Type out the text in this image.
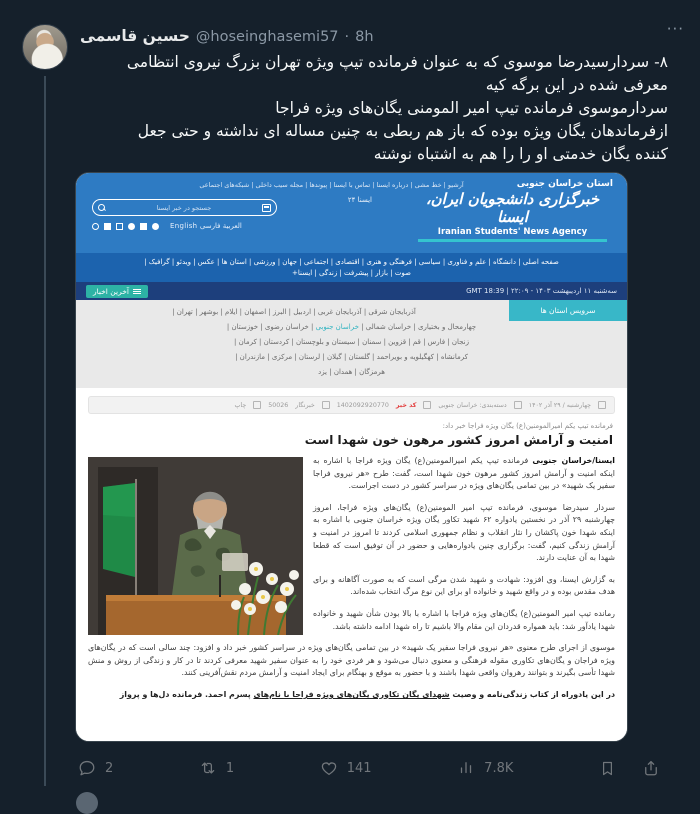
حسین قاسمی @hoseinghasemi57 · 8h	···
۸- سردارسیدرضا موسوی که به عنوان فرمانده تیپ ویژه تهران بزرگ نیروی انتظامی
معرفی شده در این برگه کیه
سردارموسوی فرمانده تیپ امیر المومنی یگان‌های ویژه فراجا
ازفرماندهان یگان ویژه بوده که باز هم ربطی به چنین مساله ای نداشته و حتی جعل
کننده یگان خدمتی او را را هم به اشتباه نوشته
استان خراسان جنوبی
آرشیو | خط مشی | درباره ایسنا | تماس با ایسنا | پیوندها | مجله سیب داخلی | شبکه‌های اجتماعی
ایسنا ۲۴	خبرگزاری دانشجویان ایران، ایسنا
Iranian Students' News Agency
جستجو در خبر ایسنا
English العربية فارسی
صفحه اصلی | دانشگاه | علم و فناوری | سیاسی | فرهنگی و هنری | اقتصادی | اجتماعی | جهان | ورزشی | استان ها | عکس | ویدئو | گرافیک |
صوت | بازار | پیشرفت | زندگی | ایسنا+
سه‌شنبه ۱۱ اردیبهشت ۱۴۰۳ - ۲۲:۰۹ | GMT 18:39
آخرین اخبار
سرویس استان ها
آذربایجان شرقی | آذربایجان غربی | اردبیل | البرز | اصفهان | ایلام | بوشهر | تهران |
چهارمحال و بختیاری | خراسان شمالی | خراسان جنوبی | خراسان رضوی | خوزستان |
زنجان | فارس | قم | قزوین | سمنان | سیستان و بلوچستان | کردستان | کرمان |
کرمانشاه | کهگیلویه و بویراحمد | گلستان | گیلان | لرستان | مرکزی | مازندران |
هرمزگان | همدان | یزد
چهارشنبه / ۲۹ آذر ۱۴۰۲
دسته‌بندی: خراسان جنوبی
کد خبر
1402092920770
خبرنگار
50026
چاپ
فرمانده تیپ یکم امیرالمومنین(ع) یگان ویژه فراجا خبر داد:
امنیت و آرامش امروز کشور مرهون خون شهدا است

ایسنا/خراسان جنوبی فرمانده تیپ یکم امیرالمومنین(ع) یگان ویژه فراجا با اشاره به اینکه امنیت و آرامش امروز کشور مرهون خون شهدا است، گفت: طرح «هر نیروی فراجا سفیر یک شهید» در بین تمامی یگان‌های ویژه در سراسر کشور در دست اجراست.

سردار سیدرضا موسوی، فرمانده تیپ امیر المومنین(ع) یگان‌های ویژه فراجا، امروز چهارشنبه ۲۹ آذر در نخستین یادواره ۶۲ شهید تکاور یگان ویژه خراسان جنوبی با اشاره به اینکه شهدا خون پاکشان را نثار انقلاب و نظام جمهوری اسلامی کردند تا امروز در امنیت و آرامش زندگی کنیم، گفت: برگزاری چنین یادواره‌هایی و حضور در آن توفیق است که قطعا شهدا به آن عنایت دارند.

به گزارش ایسنا، وی افزود: شهادت و شهید شدن مرگی است که به صورت آگاهانه و برای هدف مقدس بوده و در واقع شهید و خانواده او برای این نوع مرگ انتخاب شده‌اند.

رمانده تیپ امیر المومنین(ع) یگان‌های ویژه فراجا با اشاره با بالا بودن شأن شهید و خانواده شهدا یادآور شد: باید همواره قدردان این مقام والا باشیم تا راه شهدا ادامه داشته باشد.

موسوی از اجرای طرح معنوی «هر نیروی فراجا سفیر یک شهید» در بین تمامی یگان‌های ویژه در سراسر کشور خبر داد و افزود: چند سالی است که در یگان‌های ویژه فراجان و یگان‌های تکاوری مقوله فرهنگی و معنوی دنبال می‌شود و هر فردی خود را به عنوان سفیر شهید معرفی کردند تا در کار و زندگی از روش و منش شهدا تأسی بگیرند و بتوانند رهروان واقعی شهدا باشند و با حضور به موقع و بهنگام برای ایجاد امنیت و آرامش مردم نقش‌آفرینی کنند.

در این یادوراه از کتاب زندگی‌نامه و وصیت شهدای یگان تکاوری یگان‌های ویژه فراجا با نام‌های پسرم احمد. فرمانده دل‌ها و پرواز

2	1	141	7.8K
